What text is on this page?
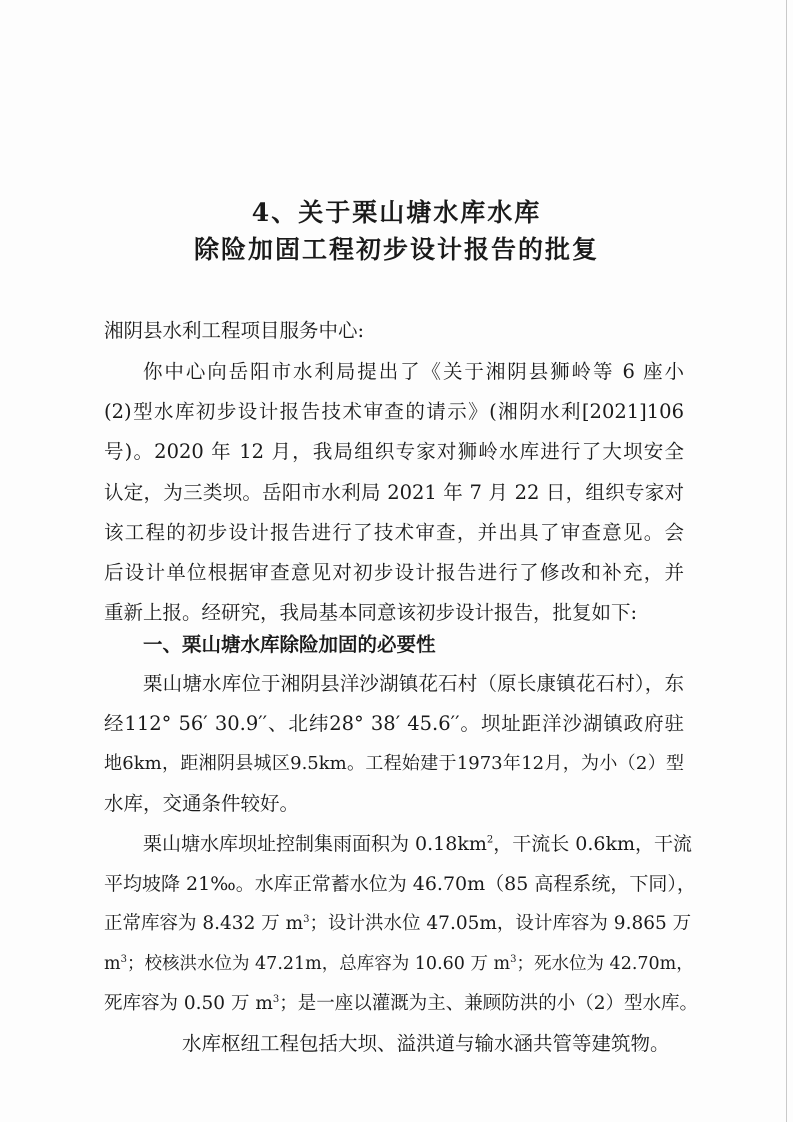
4、关于栗山塘水库水库
除险加固工程初步设计报告的批复
湘阴县水利工程项目服务中心:
你中心向岳阳市水利局提出了《关于湘阴县狮岭等 6 座小
(2)型水库初步设计报告技术审查的请示》(湘阴水利[2021]106
号)。2020 年 12 月，我局组织专家对狮岭水库进行了大坝安全
认定，为三类坝。岳阳市水利局 2021 年 7 月 22 日，组织专家对
该工程的初步设计报告进行了技术审查，并出具了审查意见。会
后设计单位根据审查意见对初步设计报告进行了修改和补充，并
重新上报。经研究，我局基本同意该初步设计报告，批复如下:
一、栗山塘水库除险加固的必要性
栗山塘水库位于湘阴县洋沙湖镇花石村（原长康镇花石村），东
经112° 56′ 30.9′′、北纬28° 38′ 45.6′′。坝址距洋沙湖镇政府驻
地6km，距湘阴县城区9.5km。工程始建于1973年12月，为小（2）型
水库，交通条件较好。
栗山塘水库坝址控制集雨面积为 $0.18km^2$，干流长 0.6km，干流
平均坡降 21‰。水库正常蓄水位为 46.70m（85 高程系统，下同），
正常库容为 8.432 万 $m^3$；设计洪水位 47.05m，设计库容为 9.865 万
$m^3$；校核洪水位为 47.21m，总库容为 10.60 万 $m^3$；死水位为 42.70m，
死库容为 0.50 万 $m^3$；是一座以灌溉为主、兼顾防洪的小（2）型水库。
水库枢纽工程包括大坝、溢洪道与输水涵共管等建筑物。
